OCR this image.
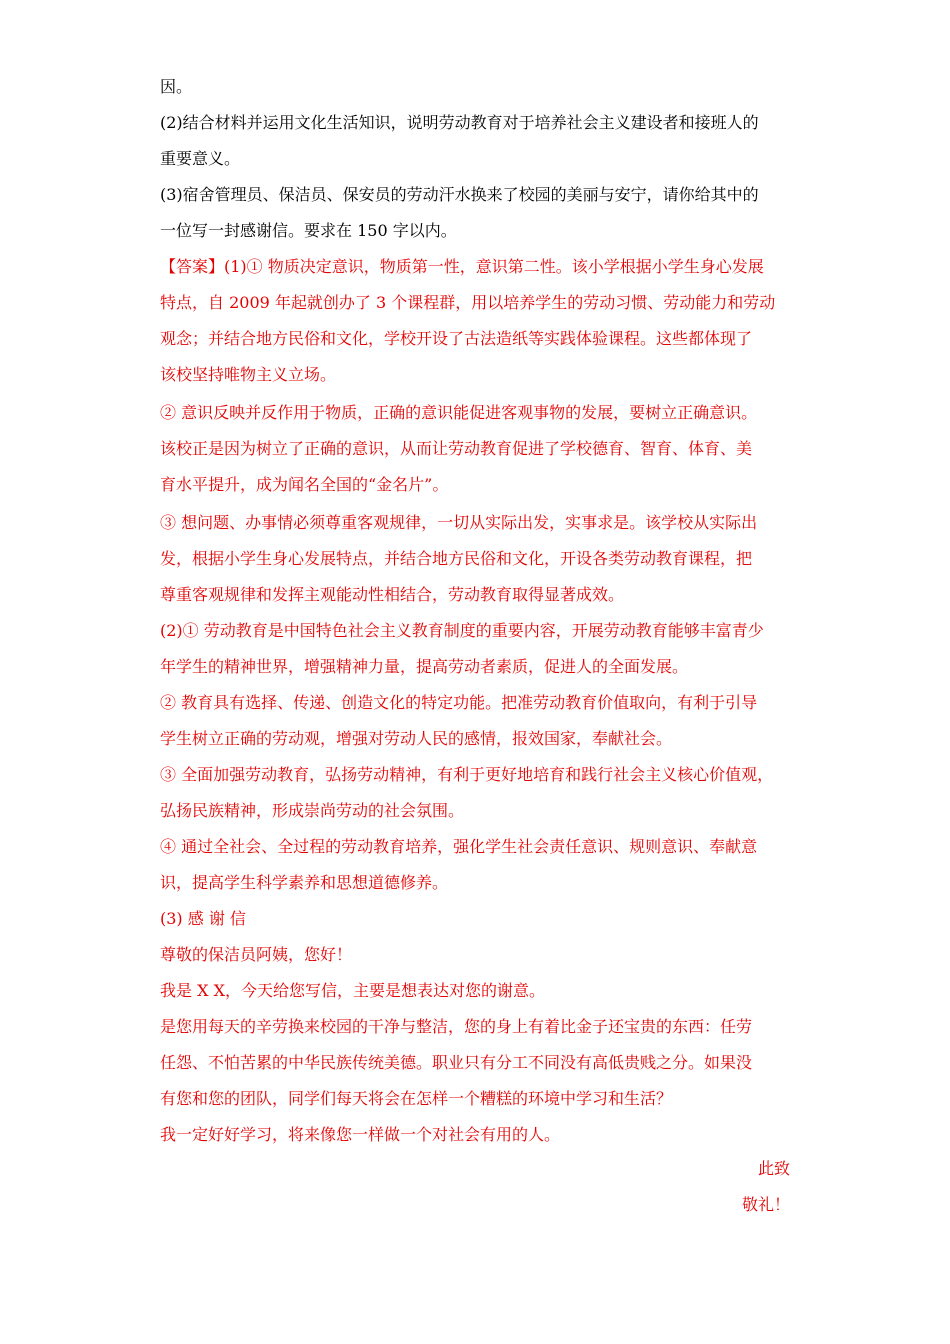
因。
(2)结合材料并运用文化生活知识，说明劳动教育对于培养社会主义建设者和接班人的
重要意义。
(3)宿舍管理员、保洁员、保安员的劳动汗水换来了校园的美丽与安宁，请你给其中的
一位写一封感谢信。要求在 150 字以内。
【答案】(1)① 物质决定意识，物质第一性，意识第二性。该小学根据小学生身心发展
特点，自 2009 年起就创办了 3 个课程群，用以培养学生的劳动习惯、劳动能力和劳动
观念；并结合地方民俗和文化，学校开设了古法造纸等实践体验课程。这些都体现了
该校坚持唯物主义立场。
② 意识反映并反作用于物质，正确的意识能促进客观事物的发展，要树立正确意识。
该校正是因为树立了正确的意识，从而让劳动教育促进了学校德育、智育、体育、美
育水平提升，成为闻名全国的“金名片”。
③ 想问题、办事情必须尊重客观规律，一切从实际出发，实事求是。该学校从实际出
发，根据小学生身心发展特点，并结合地方民俗和文化，开设各类劳动教育课程，把
尊重客观规律和发挥主观能动性相结合，劳动教育取得显著成效。
(2)① 劳动教育是中国特色社会主义教育制度的重要内容，开展劳动教育能够丰富青少
年学生的精神世界，增强精神力量，提高劳动者素质，促进人的全面发展。
② 教育具有选择、传递、创造文化的特定功能。把准劳动教育价值取向，有利于引导
学生树立正确的劳动观，增强对劳动人民的感情，报效国家，奉献社会。
③ 全面加强劳动教育，弘扬劳动精神，有利于更好地培育和践行社会主义核心价值观，
弘扬民族精神，形成崇尚劳动的社会氛围。
④ 通过全社会、全过程的劳动教育培养，强化学生社会责任意识、规则意识、奉献意
识，提高学生科学素养和思想道德修养。
(3) 感 谢 信
尊敬的保洁员阿姨，您好！
我是 X X，今天给您写信，主要是想表达对您的谢意。
是您用每天的辛劳换来校园的干净与整洁，您的身上有着比金子还宝贵的东西：任劳
任怨、不怕苦累的中华民族传统美德。职业只有分工不同没有高低贵贱之分。如果没
有您和您的团队，同学们每天将会在怎样一个糟糕的环境中学习和生活？
我一定好好学习，将来像您一样做一个对社会有用的人。
此致
敬礼！
